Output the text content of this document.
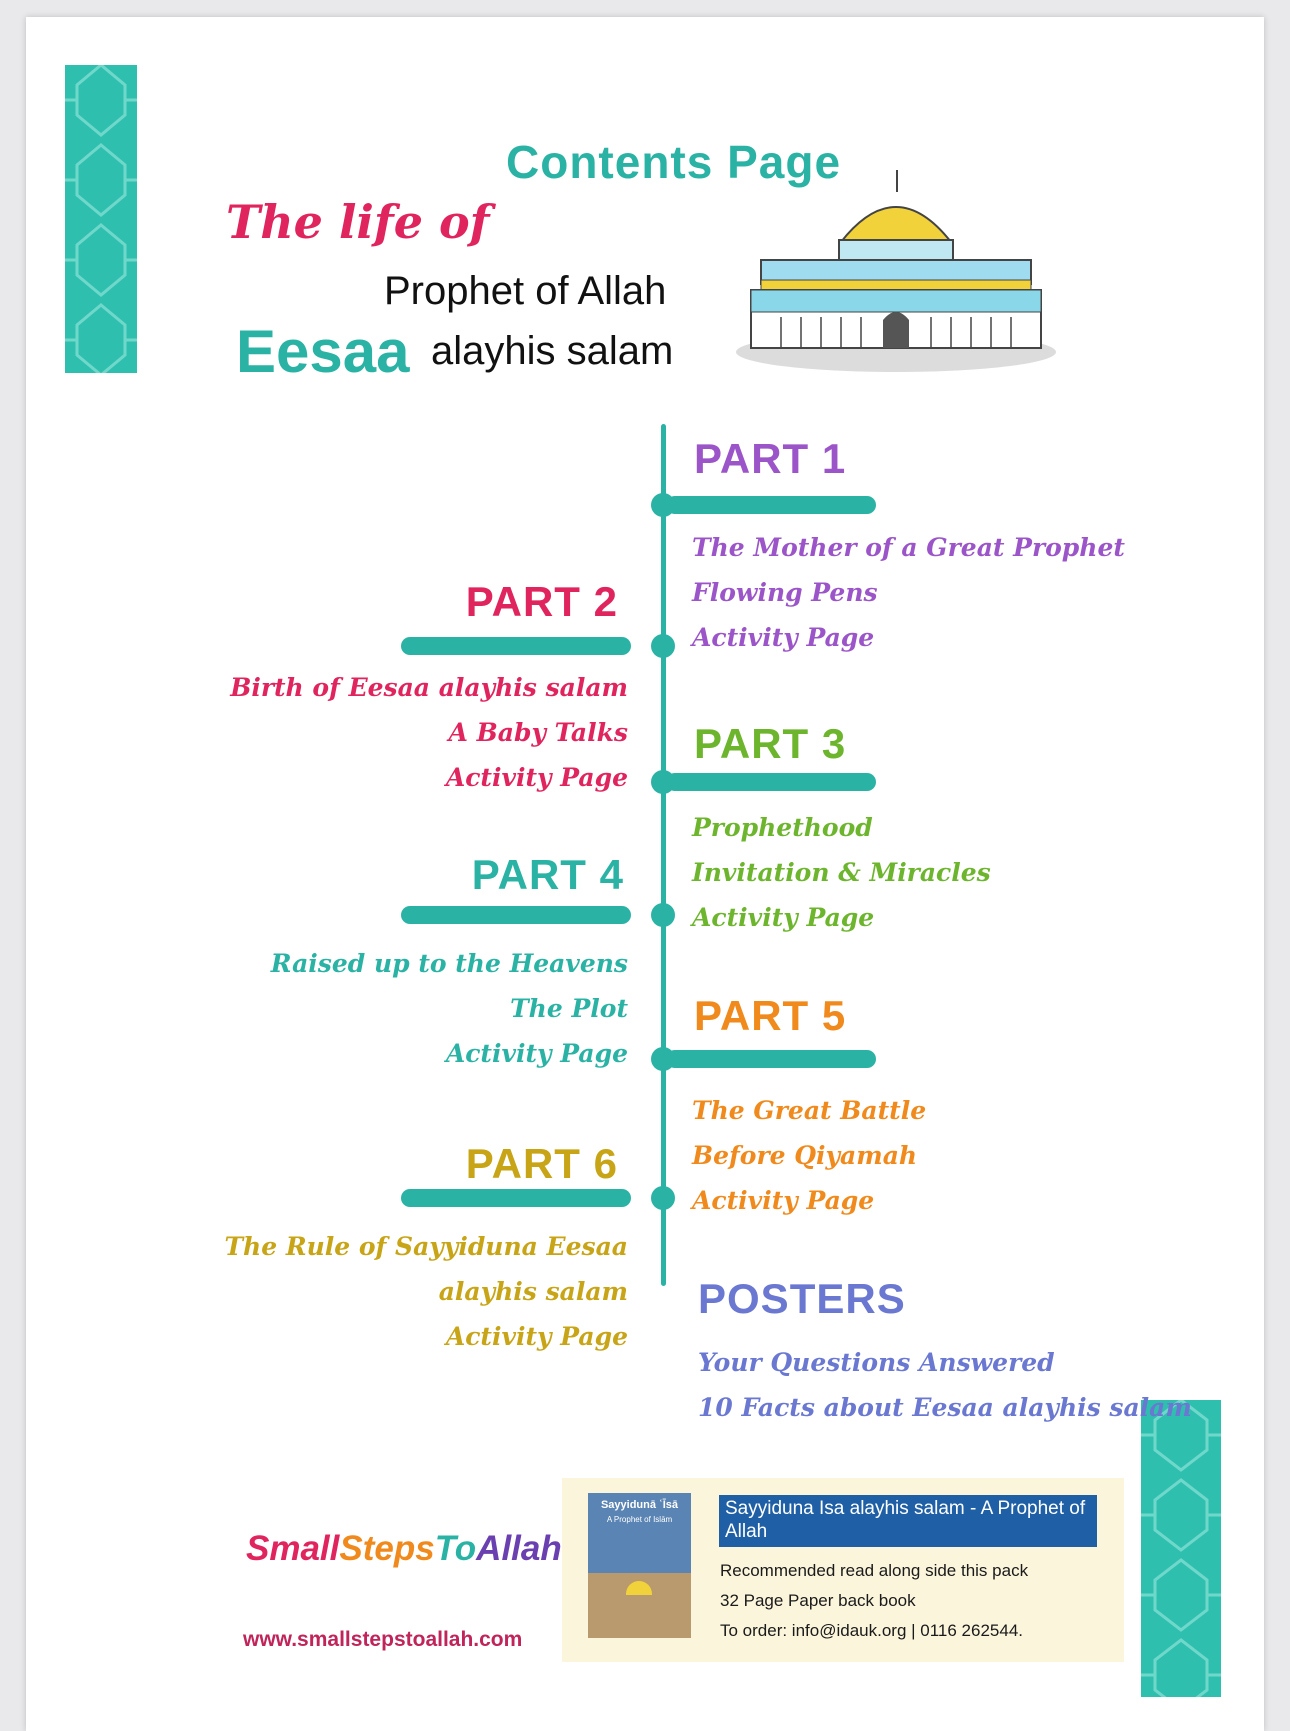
Contents Page
The life of
Prophet of Allah
Eesaa alayhis salam
PART 1
The Mother of a Great Prophet
Flowing Pens
Activity Page
PART 2
Birth of Eesaa alayhis salam
A Baby Talks
Activity Page
PART 3
Prophethood
Invitation & Miracles
Activity Page
PART 4
Raised up to the Heavens
The Plot
Activity Page
PART 5
The Great Battle
Before Qiyamah
Activity Page
PART 6
The Rule of Sayyiduna Eesaa
alayhis salam
Activity Page
POSTERS
Your Questions Answered
10 Facts about Eesaa alayhis salam
SmallStepsToAllah
www.smallstepstoallah.com
Sayyidunā ʿĪsā
A Prophet of Islām
Sayyiduna Isa alayhis salam - A Prophet of Allah
Recommended read along side this pack
32 Page Paper back book
To order: info@idauk.org | 0116 262544.
